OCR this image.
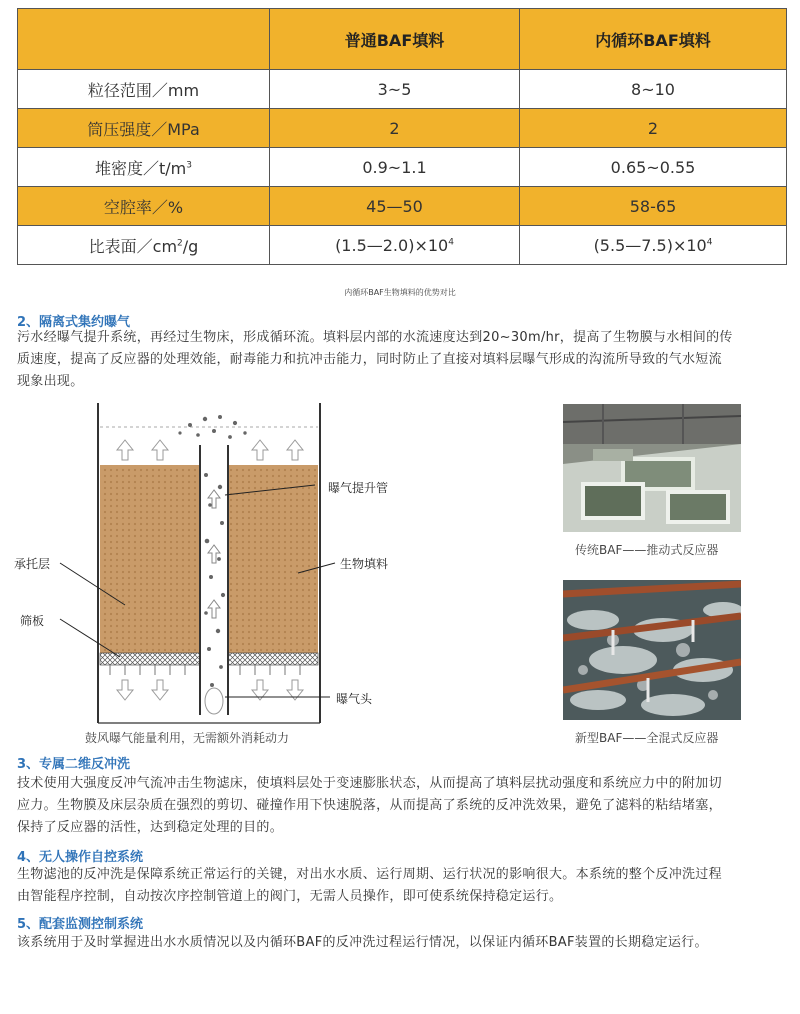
	普通BAF填料	内循环BAF填料
粒径范围／mm	3~5	8~10
筒压强度／MPa	2	2
堆密度$/t/m^3$	0.9~1.1	0.65~0.55
空腔率／%	45—50	58-65
比表面$/cm^2/g$	$(1.5—2.0)\times 10^4$	$(5.5—7.5)\times 10^4$
内循环BAF生物填料的优势对比
2、隔离式集约曝气
污水经曝气提升系统，再经过生物床，形成循环流。填料层内部的水流速度达到20~30m/hr，提高了生物膜与水相间的传
质速度，提高了反应器的处理效能，耐毒能力和抗冲击能力，同时防止了直接对填料层曝气形成的沟流所导致的气水短流
现象出现。
曝气提升管
承托层	生物填料
筛板
曝气头
鼓风曝气能量利用，无需额外消耗动力
传统BAF——推动式反应器
新型BAF——全混式反应器
3、专属二维反冲洗
技术使用大强度反冲气流冲击生物滤床，使填料层处于变速膨胀状态，从而提高了填料层扰动强度和系统应力中的附加切
应力。生物膜及床层杂质在强烈的剪切、碰撞作用下快速脱落，从而提高了系统的反冲洗效果，避免了滤料的粘结堵塞，
保持了反应器的活性，达到稳定处理的目的。
4、无人操作自控系统
生物滤池的反冲洗是保障系统正常运行的关键，对出水水质、运行周期、运行状况的影响很大。本系统的整个反冲洗过程
由智能程序控制，自动按次序控制管道上的阀门，无需人员操作，即可使系统保持稳定运行。
5、配套监测控制系统
该系统用于及时掌握进出水水质情况以及内循环BAF的反冲洗过程运行情况，以保证内循环BAF装置的长期稳定运行。
